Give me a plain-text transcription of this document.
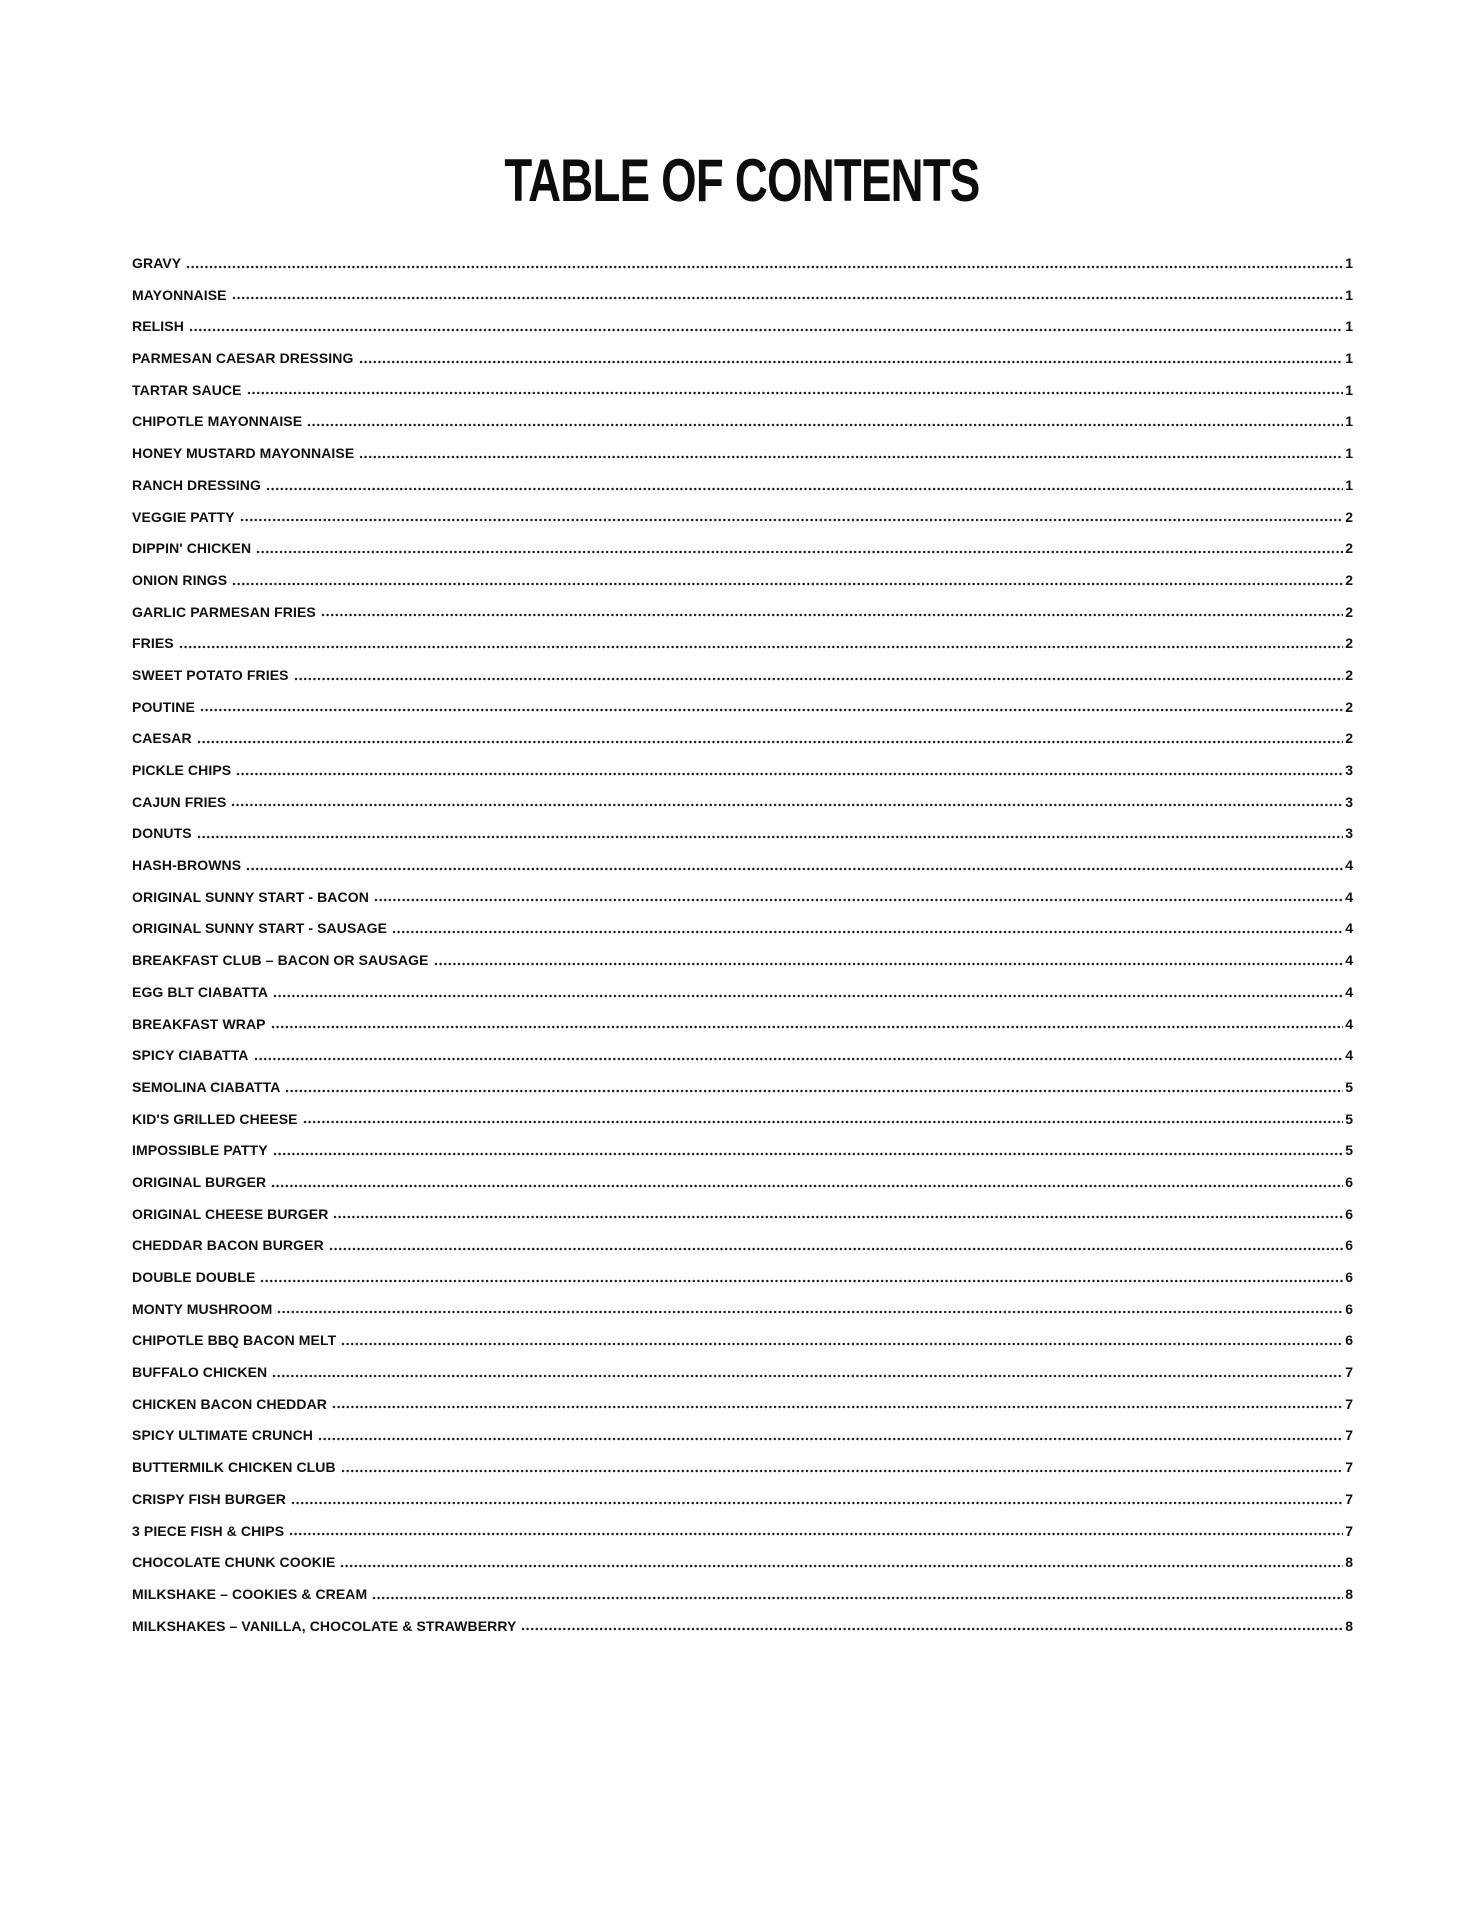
TABLE OF CONTENTS
GRAVY	1
MAYONNAISE	1
RELISH	1
PARMESAN CAESAR DRESSING	1
TARTAR SAUCE	1
CHIPOTLE MAYONNAISE	1
HONEY MUSTARD MAYONNAISE	1
RANCH DRESSING	1
VEGGIE PATTY	2
DIPPIN' CHICKEN	2
ONION RINGS	2
GARLIC PARMESAN FRIES	2
FRIES	2
SWEET POTATO FRIES	2
POUTINE	2
CAESAR	2
PICKLE CHIPS	3
CAJUN FRIES	3
DONUTS	3
HASH-BROWNS	4
ORIGINAL SUNNY START - BACON	4
ORIGINAL SUNNY START - SAUSAGE	4
BREAKFAST CLUB – BACON OR SAUSAGE	4
EGG BLT CIABATTA	4
BREAKFAST WRAP	4
SPICY CIABATTA	4
SEMOLINA CIABATTA	5
KID'S GRILLED CHEESE	5
IMPOSSIBLE PATTY	5
ORIGINAL BURGER	6
ORIGINAL CHEESE BURGER	6
CHEDDAR BACON BURGER	6
DOUBLE DOUBLE	6
MONTY MUSHROOM	6
CHIPOTLE BBQ BACON MELT	6
BUFFALO CHICKEN	7
CHICKEN BACON CHEDDAR	7
SPICY ULTIMATE CRUNCH	7
BUTTERMILK CHICKEN CLUB	7
CRISPY FISH BURGER	7
3 PIECE FISH & CHIPS	7
CHOCOLATE CHUNK COOKIE	8
MILKSHAKE – COOKIES & CREAM	8
MILKSHAKES – VANILLA, CHOCOLATE & STRAWBERRY	8
